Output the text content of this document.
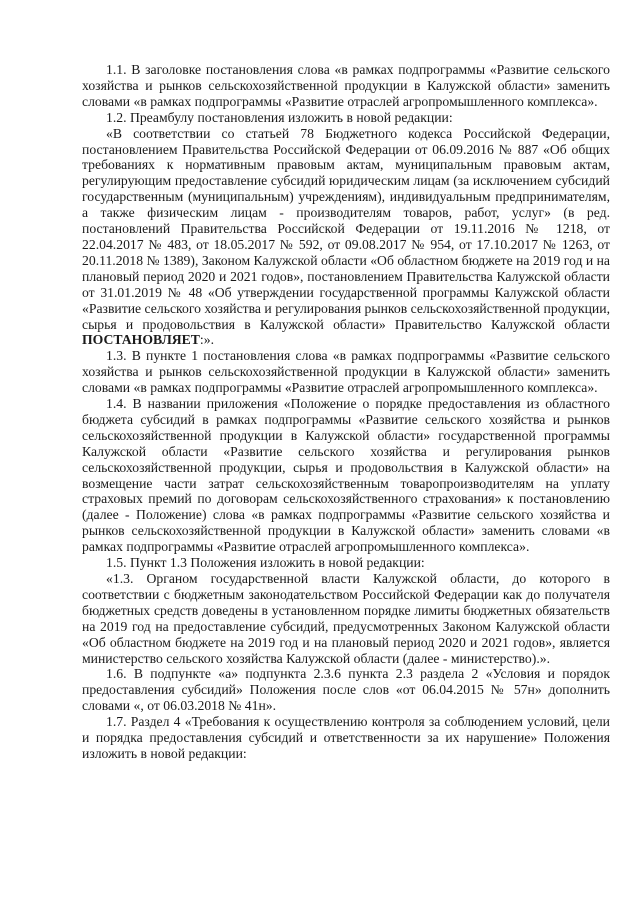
1.1. В заголовке постановления слова «в рамках подпрограммы «Развитие сельского хозяйства и рынков сельскохозяйственной продукции в Калужской области» заменить словами «в рамках подпрограммы «Развитие отраслей агропромышленного комплекса».

1.2. Преамбулу постановления изложить в новой редакции:

«В соответствии со статьей 78 Бюджетного кодекса Российской Федерации, постановлением Правительства Российской Федерации от 06.09.2016 № 887 «Об общих требованиях к нормативным правовым актам, муниципальным правовым актам, регулирующим предоставление субсидий юридическим лицам (за исключением субсидий государственным (муниципальным) учреждениям), индивидуальным предпринимателям, а также физическим лицам - производителям товаров, работ, услуг» (в ред. постановлений Правительства Российской Федерации от 19.11.2016 № 1218, от 22.04.2017 № 483, от 18.05.2017 № 592, от 09.08.2017 № 954, от 17.10.2017 № 1263, от 20.11.2018 № 1389), Законом Калужской области «Об областном бюджете на 2019 год и на плановый период 2020 и 2021 годов», постановлением Правительства Калужской области от 31.01.2019 № 48 «Об утверждении государственной программы Калужской области «Развитие сельского хозяйства и регулирования рынков сельскохозяйственной продукции, сырья и продовольствия в Калужской области» Правительство Калужской области ПОСТАНОВЛЯЕТ:».

1.3. В пункте 1 постановления слова «в рамках подпрограммы «Развитие сельского хозяйства и рынков сельскохозяйственной продукции в Калужской области» заменить словами «в рамках подпрограммы «Развитие отраслей агропромышленного комплекса».

1.4. В названии приложения «Положение о порядке предоставления из областного бюджета субсидий в рамках подпрограммы «Развитие сельского хозяйства и рынков сельскохозяйственной продукции в Калужской области» государственной программы Калужской области «Развитие сельского хозяйства и регулирования рынков сельскохозяйственной продукции, сырья и продовольствия в Калужской области» на возмещение части затрат сельскохозяйственным товаропроизводителям на уплату страховых премий по договорам сельскохозяйственного страхования» к постановлению (далее - Положение) слова «в рамках подпрограммы «Развитие сельского хозяйства и рынков сельскохозяйственной продукции в Калужской области» заменить словами «в рамках подпрограммы «Развитие отраслей агропромышленного комплекса».

1.5. Пункт 1.3 Положения изложить в новой редакции:

«1.3. Органом государственной власти Калужской области, до которого в соответствии с бюджетным законодательством Российской Федерации как до получателя бюджетных средств доведены в установленном порядке лимиты бюджетных обязательств на 2019 год на предоставление субсидий, предусмотренных Законом Калужской области «Об областном бюджете на 2019 год и на плановый период 2020 и 2021 годов», является министерство сельского хозяйства Калужской области (далее - министерство).».

1.6. В подпункте «а» подпункта 2.3.6 пункта 2.3 раздела 2 «Условия и порядок предоставления субсидий» Положения после слов «от 06.04.2015 № 57н» дополнить словами «, от 06.03.2018 № 41н».

1.7. Раздел 4 «Требования к осуществлению контроля за соблюдением условий, цели и порядка предоставления субсидий и ответственности за их нарушение» Положения изложить в новой редакции:
